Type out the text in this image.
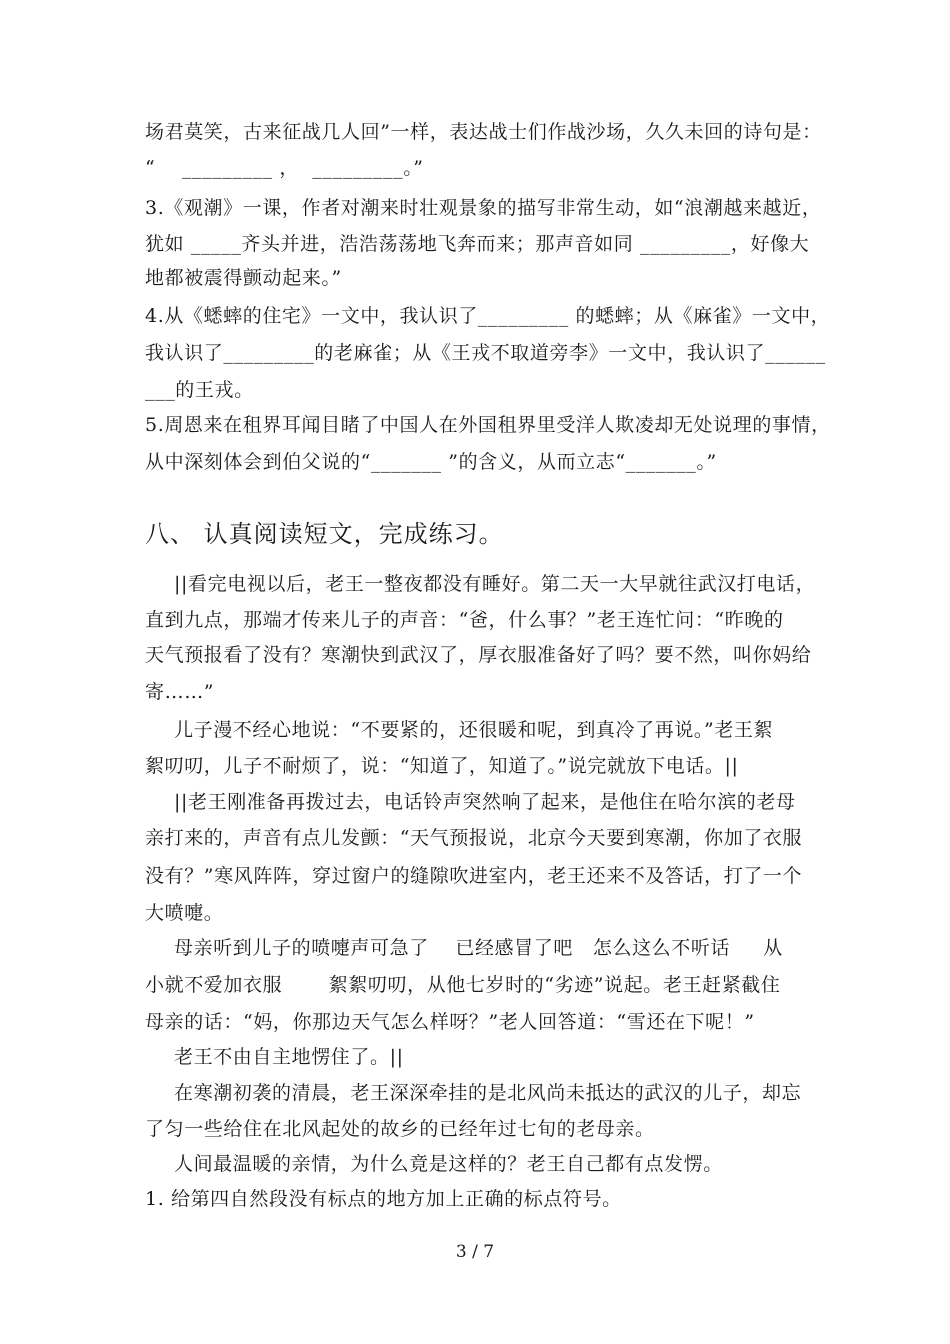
场君莫笑，古来征战几人回”一样，表达战士们作战沙场，久久未回的诗句是：
“    _________ ，  _________。”
3.《观潮》一课，作者对潮来时壮观景象的描写非常生动，如“浪潮越来越近，
犹如 _____齐头并进，浩浩荡荡地飞奔而来；那声音如同 _________，好像大
地都被震得颤动起来。”
4.从《蟋蟀的住宅》一文中，我认识了_________ 的蟋蟀；从《麻雀》一文中，
我认识了_________的老麻雀；从《王戎不取道旁李》一文中，我认识了______
___的王戎。
5.周恩来在租界耳闻目睹了中国人在外国租界里受洋人欺凌却无处说理的事情，
从中深刻体会到伯父说的“_______ ”的含义，从而立志“_______。”
八、 认真阅读短文，完成练习。
||看完电视以后，老王一整夜都没有睡好。第二天一大早就往武汉打电话，
直到九点，那端才传来儿子的声音：“爸，什么事？”老王连忙问：“昨晚的
天气预报看了没有？寒潮快到武汉了，厚衣服准备好了吗？要不然，叫你妈给
寄……”
儿子漫不经心地说：“不要紧的，还很暖和呢，到真冷了再说。”老王絮
絮叨叨，儿子不耐烦了，说：“知道了，知道了。”说完就放下电话。||
||老王刚准备再拨过去，电话铃声突然响了起来，是他住在哈尔滨的老母
亲打来的，声音有点儿发颤：“天气预报说，北京今天要到寒潮，你加了衣服
没有？”寒风阵阵，穿过窗户的缝隙吹进室内，老王还来不及答话，打了一个
大喷嚏。
母亲听到儿子的喷嚏声可急了    已经感冒了吧   怎么这么不听话     从
小就不爱加衣服       絮絮叨叨，从他七岁时的“劣迹”说起。老王赶紧截住
母亲的话：“妈，你那边天气怎么样呀？”老人回答道：“雪还在下呢！”
老王不由自主地愣住了。||
在寒潮初袭的清晨，老王深深牵挂的是北风尚未抵达的武汉的儿子，却忘
了匀一些给住在北风起处的故乡的已经年过七旬的老母亲。
人间最温暖的亲情，为什么竟是这样的？老王自己都有点发愣。
1. 给第四自然段没有标点的地方加上正确的标点符号。
3 / 7
